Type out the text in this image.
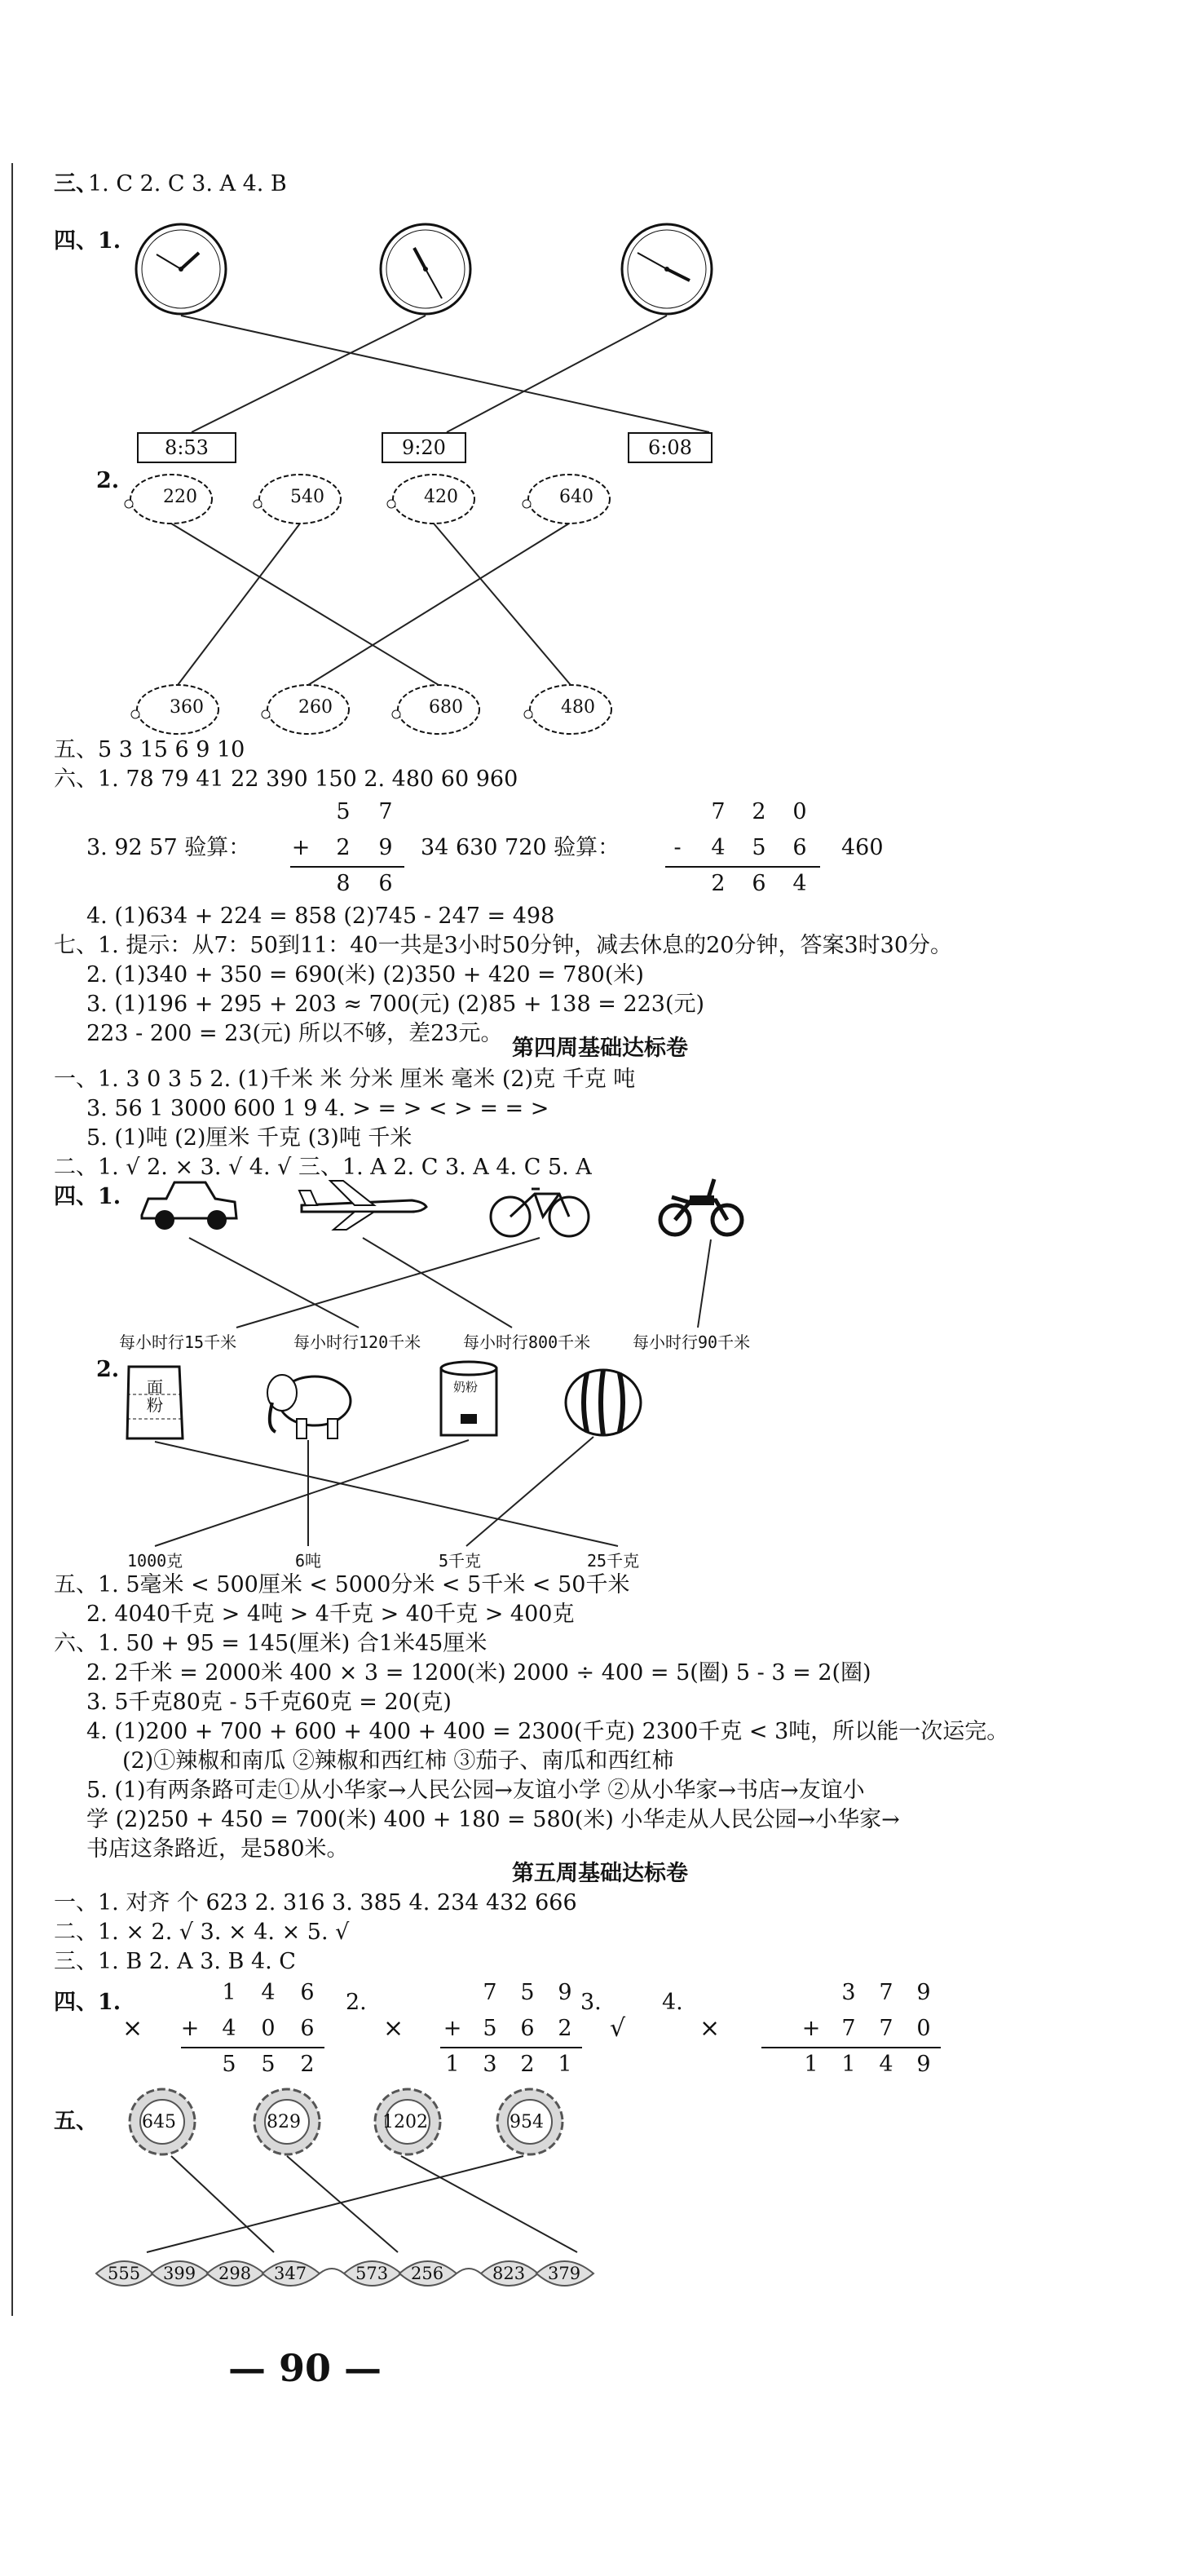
三、
1. C 2. C 3. A 4. B
四、1.
8:53	9:20	6:08
2.
220	540	420	640
360	260	680	480
五、5 3 15 6 9 10
六、1. 78 79 41 22 390 150 2. 480 60 960
5 7
3. 92 57 验算： + 2 9
8 6
34 630 720 验算：
7 2 0
-	4 5 6
2 6 4
460
4. (1)634 + 224 = 858 (2)745 - 247 = 498
七、1. 提示：从7：50到11：40一共是3小时50分钟，减去休息的20分钟，答案3时30分。
2. (1)340 + 350 = 690(米) (2)350 + 420 = 780(米)
3. (1)196 + 295 + 203 ≈ 700(元) (2)85 + 138 = 223(元)
223 - 200 = 23(元) 所以不够，差23元。
第四周基础达标卷
一、1. 3 0 3 5 2. (1)千米 米 分米 厘米 毫米 (2)克 千克 吨
3. 56 1 3000 600 1 9 4. > = > < > = = >
5. (1)吨 (2)厘米 千克 (3)吨 千米
二、1. √ 2. × 3. √ 4. √ 三、1. A 2. C 3. A 4. C 5. A
四、1.
每小时行15千米	每小时行120千米	每小时行800千米	每小时行90千米
2.
面粉
奶粉
1000克	6吨	5千克	25千克
五、1. 5毫米 < 500厘米 < 5000分米 < 5千米 < 50千米
2. 4040千克 > 4吨 > 4千克 > 40千克 > 400克
六、1. 50 + 95 = 145(厘米) 合1米45厘米
2. 2千米 = 2000米 400 × 3 = 1200(米) 2000 ÷ 400 = 5(圈) 5 - 3 = 2(圈)
3. 5千克80克 - 5千克60克 = 20(克)
4. (1)200 + 700 + 600 + 400 + 400 = 2300(千克) 2300千克 < 3吨，所以能一次运完。
(2)①辣椒和南瓜 ②辣椒和西红柿 ③茄子、南瓜和西红柿
5. (1)有两条路可走①从小华家→人民公园→友谊小学 ②从小华家→书店→友谊小
学 (2)250 + 450 = 700(米) 400 + 180 = 580(米) 小华走从人民公园→小华家→
书店这条路近，是580米。
第五周基础达标卷
一、1. 对齐 个 623 2. 316 3. 385 4. 234 432 666
二、1. × 2. √ 3. × 4. × 5. √
三、1. B 2. A 3. B 4. C
四、1.	1 4 6
× + 4 0 6
5 5 2
2.	7 5 9
× + 5 6 2
1 3 2 1
3.
√
4.
×
3 7 9
+ 7 7 0
1 1 4 9
五、 645	829	1202	954
555 399 298 347	573 256	823 379
— 90 —
